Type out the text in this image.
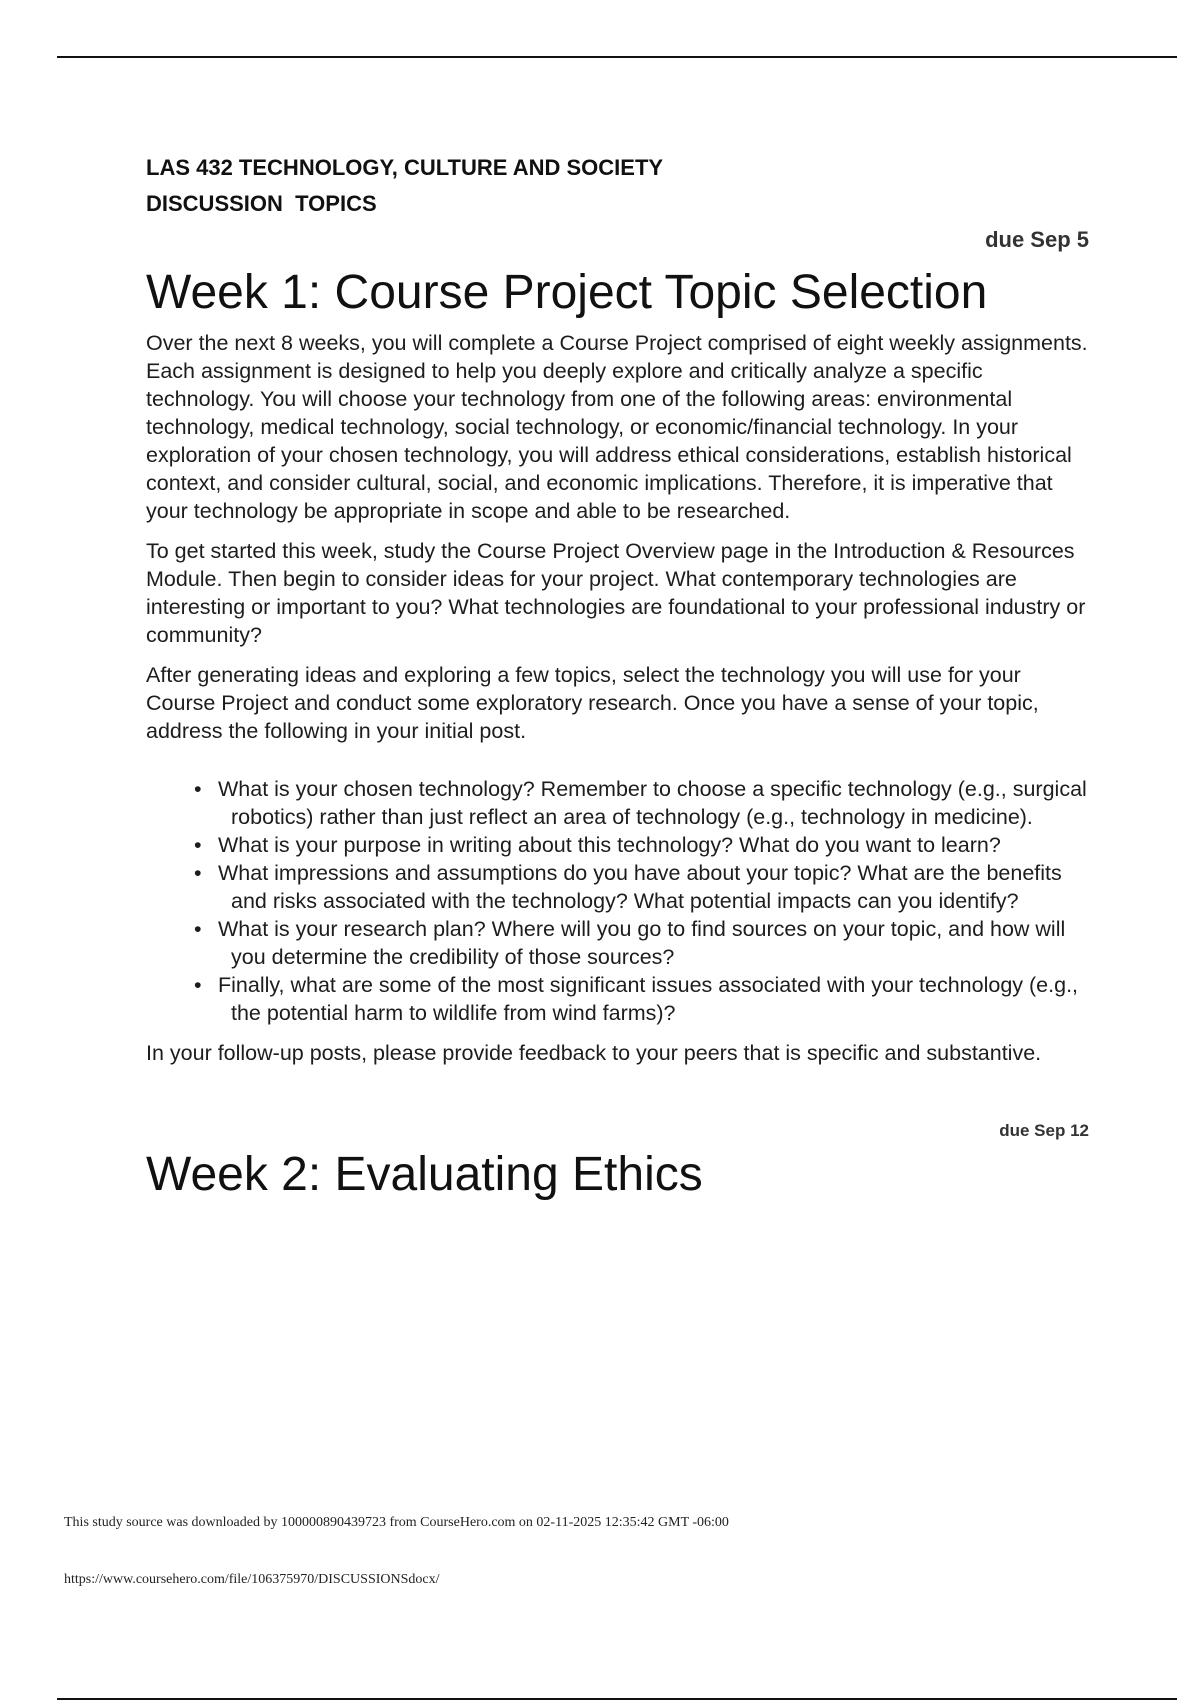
LAS 432 TECHNOLOGY, CULTURE AND SOCIETY

DISCUSSION  TOPICS

due Sep 5
Week 1: Course Project Topic Selection

Over the next 8 weeks, you will complete a Course Project comprised of eight weekly assignments. Each assignment is designed to help you deeply explore and critically analyze a specific technology. You will choose your technology from one of the following areas: environmental technology, medical technology, social technology, or economic/financial technology. In your exploration of your chosen technology, you will address ethical considerations, establish historical context, and consider cultural, social, and economic implications. Therefore, it is imperative that your technology be appropriate in scope and able to be researched.

To get started this week, study the Course Project Overview page in the Introduction & Resources Module. Then begin to consider ideas for your project. What contemporary technologies are interesting or important to you? What technologies are foundational to your professional industry or community?

After generating ideas and exploring a few topics, select the technology you will use for your Course Project and conduct some exploratory research. Once you have a sense of your topic, address the following in your initial post.

• What is your chosen technology? Remember to choose a specific technology (e.g., surgical robotics) rather than just reflect an area of technology (e.g., technology in medicine).
• What is your purpose in writing about this technology? What do you want to learn?
• What impressions and assumptions do you have about your topic? What are the benefits and risks associated with the technology? What potential impacts can you identify?
• What is your research plan? Where will you go to find sources on your topic, and how will you determine the credibility of those sources?
• Finally, what are some of the most significant issues associated with your technology (e.g., the potential harm to wildlife from wind farms)?

In your follow-up posts, please provide feedback to your peers that is specific and substantive.

due Sep 12
Week 2: Evaluating Ethics
This study source was downloaded by 100000890439723 from CourseHero.com on 02-11-2025 12:35:42 GMT -06:00
https://www.coursehero.com/file/106375970/DISCUSSIONSdocx/
